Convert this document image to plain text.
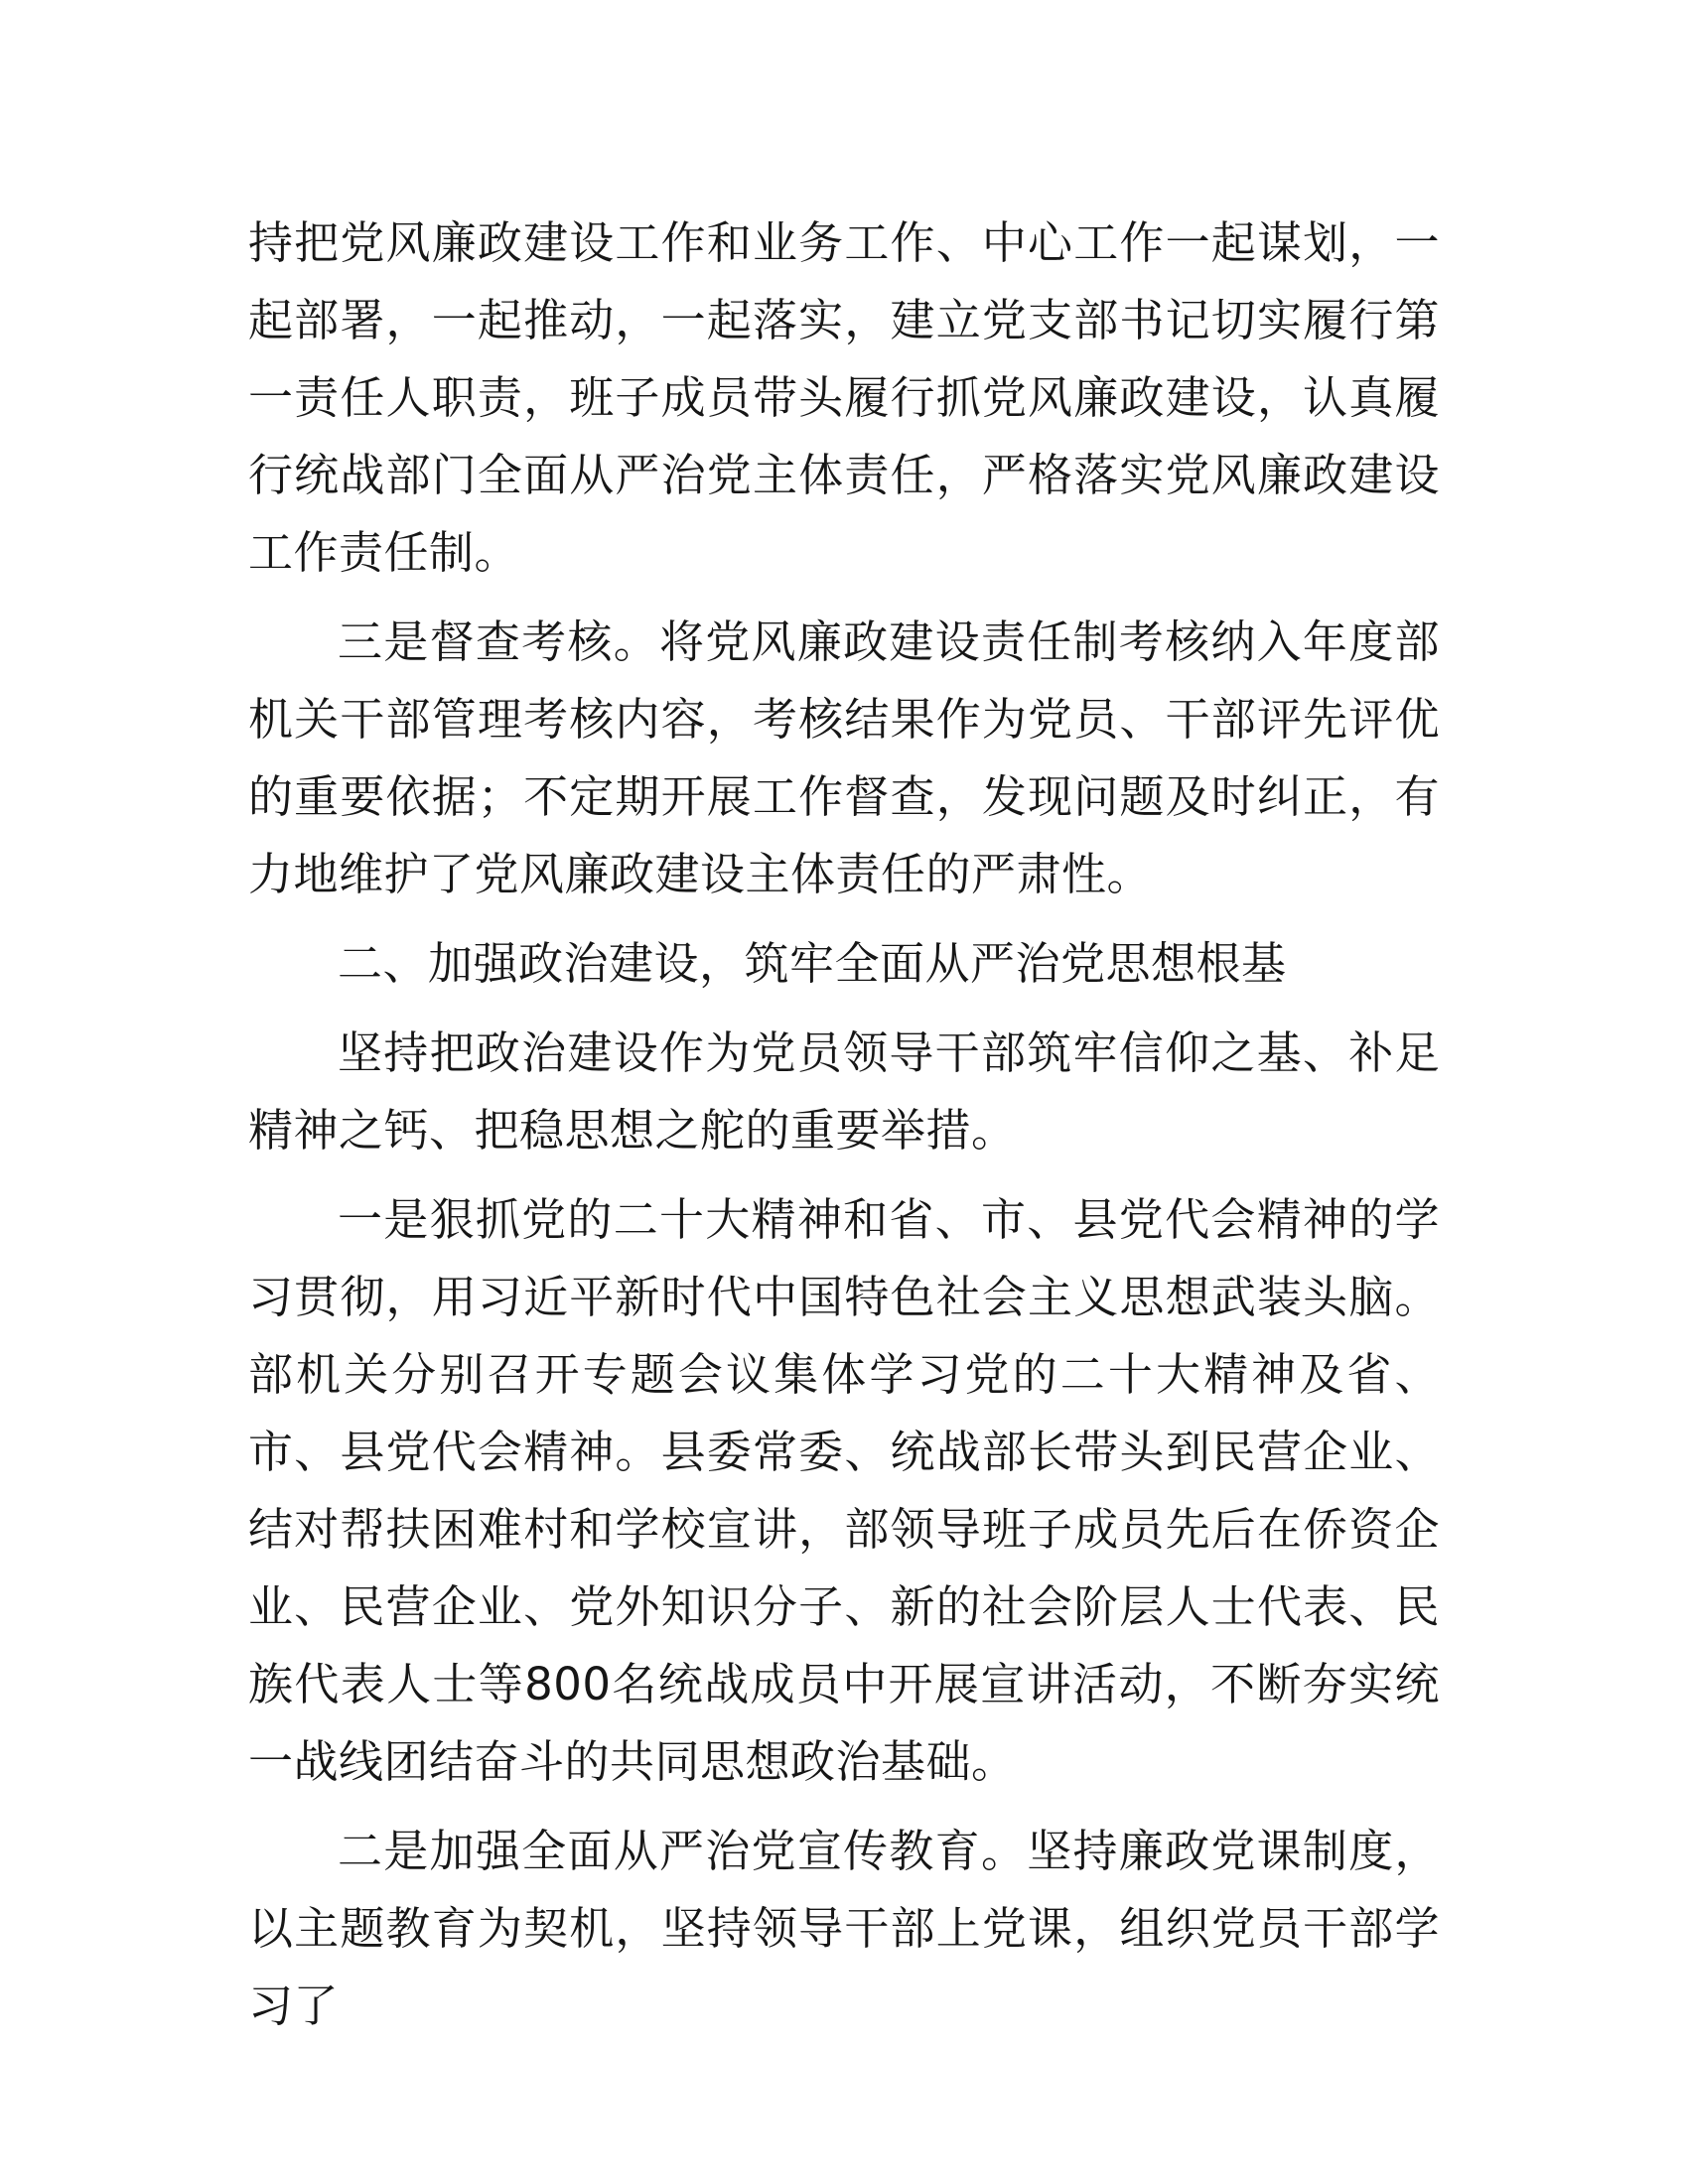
持把党风廉政建设工作和业务工作、中心工作一起谋划，一起部署，一起推动，一起落实，建立党支部书记切实履行第一责任人职责，班子成员带头履行抓党风廉政建设，认真履行统战部门全面从严治党主体责任，严格落实党风廉政建设工作责任制。

三是督查考核。将党风廉政建设责任制考核纳入年度部机关干部管理考核内容，考核结果作为党员、干部评先评优的重要依据；不定期开展工作督查，发现问题及时纠正，有力地维护了党风廉政建设主体责任的严肃性。

二、加强政治建设，筑牢全面从严治党思想根基

坚持把政治建设作为党员领导干部筑牢信仰之基、补足精神之钙、把稳思想之舵的重要举措。

一是狠抓党的二十大精神和省、市、县党代会精神的学习贯彻，用习近平新时代中国特色社会主义思想武装头脑。部机关分别召开专题会议集体学习党的二十大精神及省、市、县党代会精神。县委常委、统战部长带头到民营企业、结对帮扶困难村和学校宣讲，部领导班子成员先后在侨资企业、民营企业、党外知识分子、新的社会阶层人士代表、民族代表人士等800名统战成员中开展宣讲活动，不断夯实统一战线团结奋斗的共同思想政治基础。

二是加强全面从严治党宣传教育。坚持廉政党课制度，以主题教育为契机，坚持领导干部上党课，组织党员干部学习了
